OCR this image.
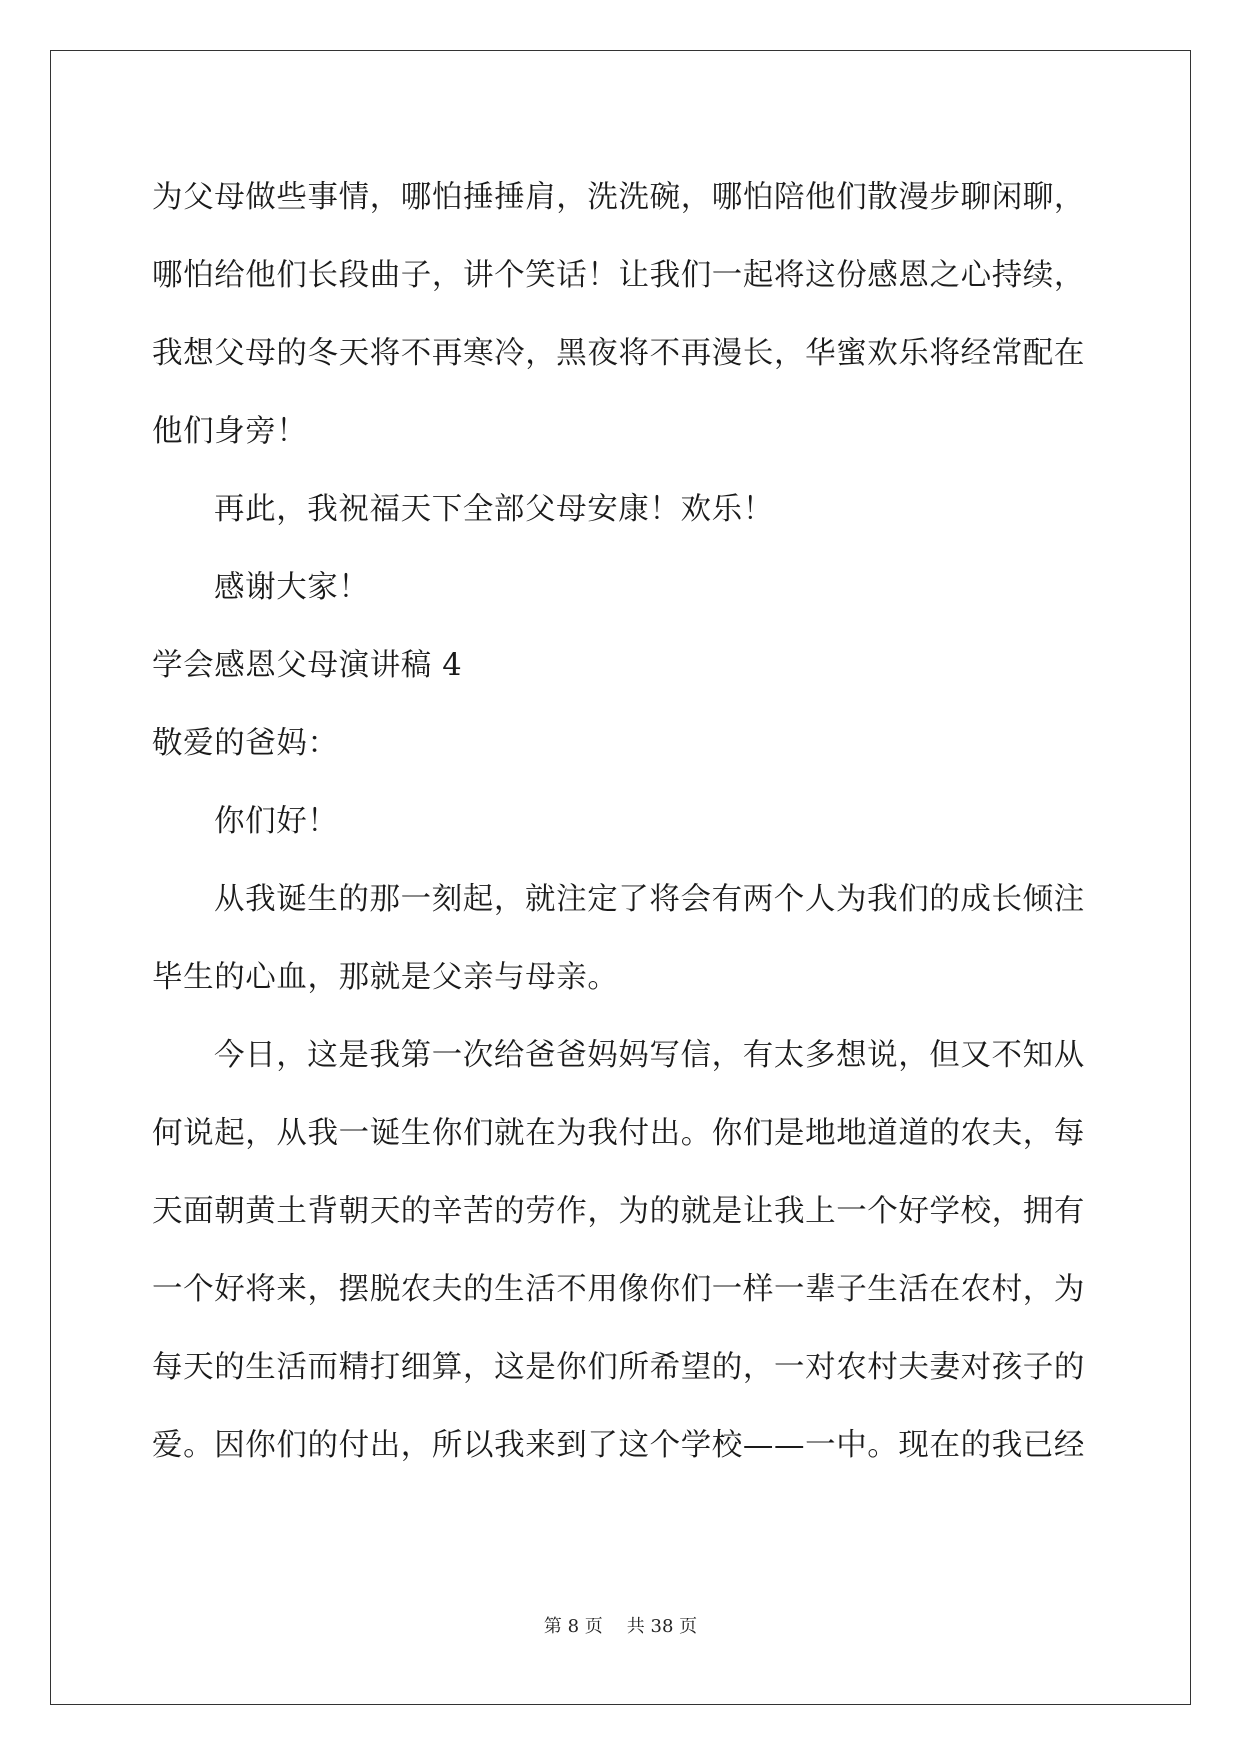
为父母做些事情，哪怕捶捶肩，洗洗碗，哪怕陪他们散漫步聊闲聊，
哪怕给他们长段曲子，讲个笑话！让我们一起将这份感恩之心持续，
我想父母的冬天将不再寒冷，黑夜将不再漫长，华蜜欢乐将经常配在
他们身旁！
再此，我祝福天下全部父母安康！欢乐！
感谢大家！
学会感恩父母演讲稿 4
敬爱的爸妈：
你们好！
从我诞生的那一刻起，就注定了将会有两个人为我们的成长倾注
毕生的心血，那就是父亲与母亲。
今日，这是我第一次给爸爸妈妈写信，有太多想说，但又不知从
何说起，从我一诞生你们就在为我付出。你们是地地道道的农夫，每
天面朝黄土背朝天的辛苦的劳作，为的就是让我上一个好学校，拥有
一个好将来，摆脱农夫的生活不用像你们一样一辈子生活在农村，为
每天的生活而精打细算，这是你们所希望的，一对农村夫妻对孩子的
爱。因你们的付出，所以我来到了这个学校——一中。现在的我已经
第 8 页 共 38 页
